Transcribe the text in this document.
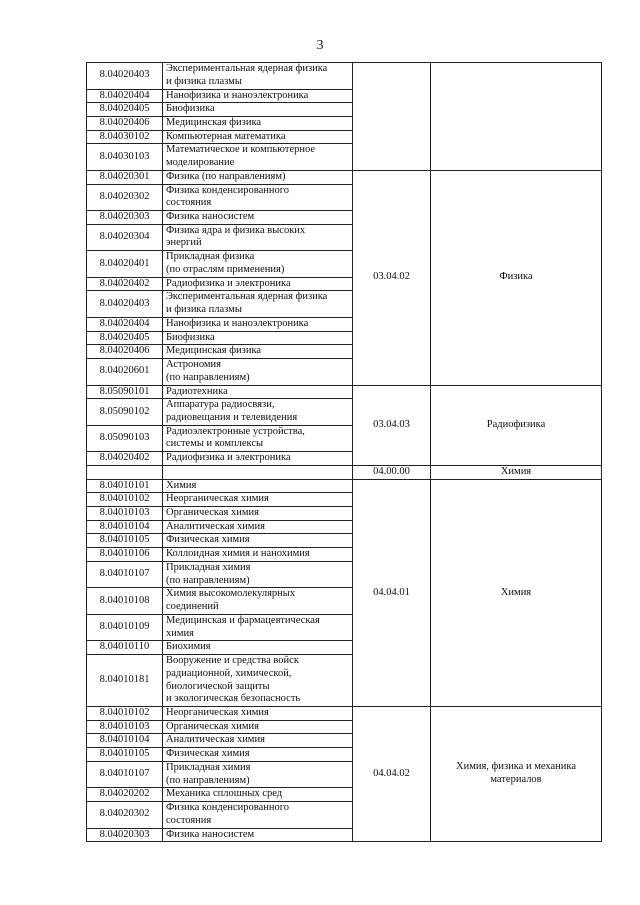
3
8.04020403	Экспериментальная ядерная физика
и физика плазмы		

8.04020404	Нанофизика и наноэлектроника		

8.04020405	Биофизика		

8.04020406	Медицинская физика		

8.04030102	Компьютерная математика		

8.04030103	Математическое и компьютерное
моделирование		

8.04020301	Физика (по направлениям)	03.04.02	Физика
8.04020302	Физика конденсированного
состояния		

8.04020303	Физика наносистем		

8.04020304	Физика ядра и физика высоких
энергий		

8.04020401	Прикладная физика
(по отраслям применения)		

8.04020402	Радиофизика и электроника		

8.04020403	Экспериментальная ядерная физика
и физика плазмы		

8.04020404	Нанофизика и наноэлектроника		

8.04020405	Биофизика		

8.04020406	Медицинская физика		

8.04020601	Астрономия
(по направлениям)		

8.05090101	Радиотехника	03.04.03	Радиофизика
8.05090102	Аппаратура радиосвязи,
радиовещания и телевидения		

8.05090103	Радиоэлектронные устройства,
системы и комплексы		

8.04020402	Радиофизика и электроника		

	04.00.00	Химия
8.04010101	Химия	04.04.01	Химия
8.04010102	Неорганическая химия		

8.04010103	Органическая химия		

8.04010104	Аналитическая химия		

8.04010105	Физическая химия		

8.04010106	Коллоидная химия и нанохимия		

8.04010107	Прикладная химия
(по направлениям)		

8.04010108	Химия высокомолекулярных
соединений		

8.04010109	Медицинская и фармацевтическая
химия		

8.04010110	Биохимия		

8.04010181	Вооружение и средства войск
радиационной, химической,
биологической защиты
и экологическая безопасность		

8.04010102	Неорганическая химия	04.04.02	Химия, физика и механика материалов
8.04010103	Органическая химия		

8.04010104	Аналитическая химия		

8.04010105	Физическая химия		

8.04010107	Прикладная химия
(по направлениям)		

8.04020202	Механика сплошных сред		

8.04020302	Физика конденсированного
состояния		

8.04020303	Физика наносистем		
